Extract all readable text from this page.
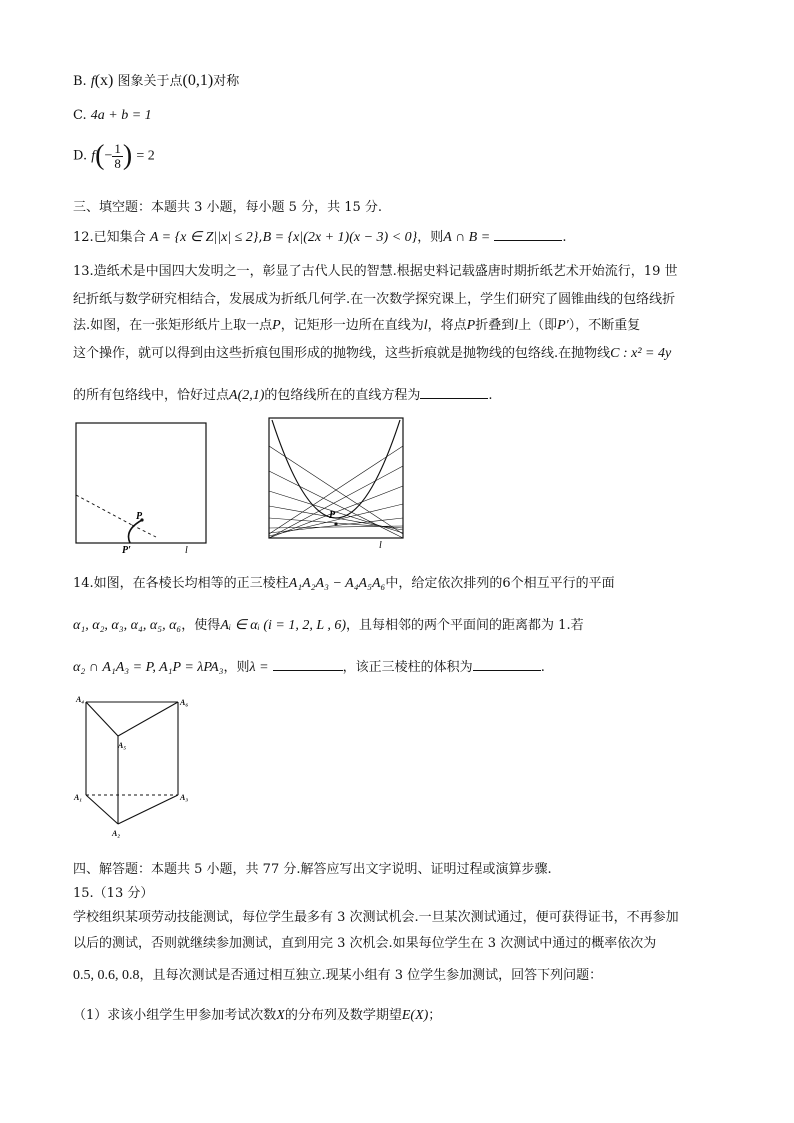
B. f(x) 图象关于点(0,1)对称
C. 4a + b = 1
D. $f(- \frac{1}{8}$ ) = 2
三、填空题：本题共 3 小题，每小题 5 分，共 15 分.
12.已知集合 A = {x ∈ Z||x| ≤ 2},B = {x|(2x + 1)(x − 3) < 0}，则A ∩ B =	.
13.造纸术是中国四大发明之一，彰显了古代人民的智慧.根据史料记载盛唐时期折纸艺术开始流行，19 世
纪折纸与数学研究相结合，发展成为折纸几何学.在一次数学探究课上，学生们研究了圆锥曲线的包络线折
法.如图，在一张矩形纸片上取一点P，记矩形一边所在直线为l，将点P折叠到l上（即P′），不断重复
这个操作，就可以得到由这些折痕包围形成的抛物线，这些折痕就是抛物线的包络线.在抛物线C : x² = 4y
的所有包络线中，恰好过点A(2,1)的包络线所在的直线方程为	.
P
P′	l
P
l
14.如图，在各棱长均相等的正三棱柱A₁A₂A₃ − A₄A₅A₆中，给定依次排列的6个相互平行的平面
α₁, α₂, α₃, α₄, α₅, α₆，使得Aᵢ ∈ αᵢ (i = 1, 2, L , 6)，且每相邻的两个平面间的距离都为 1.若
α₂ ∩ A₁A₃ = P, A₁P = λPA₃，则λ =	，该正三棱柱的体积为	.
A₄	A₆
A₅
A₁	A₃
A₂
四、解答题：本题共 5 小题，共 77 分.解答应写出文字说明、证明过程或演算步骤.
15.（13 分）
学校组织某项劳动技能测试，每位学生最多有 3 次测试机会.一旦某次测试通过，便可获得证书，不再参加
以后的测试，否则就继续参加测试，直到用完 3 次机会.如果每位学生在 3 次测试中通过的概率依次为
0.5, 0.6, 0.8，且每次测试是否通过相互独立.现某小组有 3 位学生参加测试，回答下列问题：
（1）求该小组学生甲参加考试次数X的分布列及数学期望E(X)；
